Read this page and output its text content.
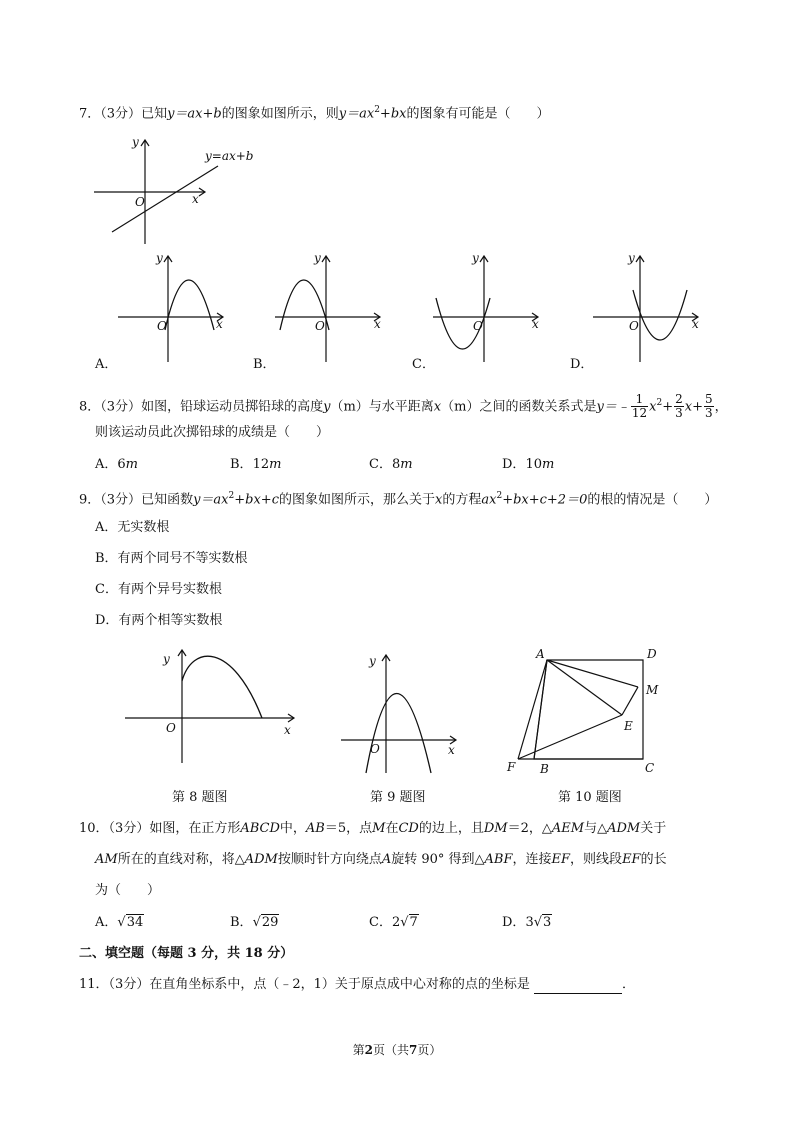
7．（3分）已知y＝ax+b的图象如图所示，则$y=ax^2+bx$的图象有可能是（　　）
y
x
O
y=ax+b
y
x
O
y
x
O
y
x
O
y
x
O
A．	B．	C．	D．
8．（3分）如图，铅球运动员掷铅球的高度y（m）与水平距离x（m）之间的函数关系式是y＝﹣ $\frac{1}{12} x^2+ \frac{2}{3} x+ \frac{5}{3}$ ，
则该运动员此次掷铅球的成绩是（　　）
A．6m	B．12m	C．8m	D．10m
9．（3分）已知函数$y=ax^2+bx+c$的图象如图所示，那么关于x的方程$ax^2+bx+c+2=0$的根的情况是（　　）
A．无实数根
B．有两个同号不等实数根
C．有两个异号实数根
D．有两个相等实数根
y
x
O
第 8 题图
y
x
O
第 9 题图
A	D
M
E
F B	C
第 10 题图
10．（3分）如图，在正方形ABCD中，AB＝5，点M在CD的边上，且DM＝2，△AEM与△ADM关于
AM所在的直线对称，将△ADM按顺时针方向绕点A旋转 90° 得到△ABF，连接EF，则线段EF的长
为（　　）
A．√34	B．√29	C．2√7	D．3√3
二、填空题（每题 3 分，共 18 分）
11．（3分）在直角坐标系中，点（﹣2，1）关于原点成中心对称的点的坐标是	．
第2页（共7页）
